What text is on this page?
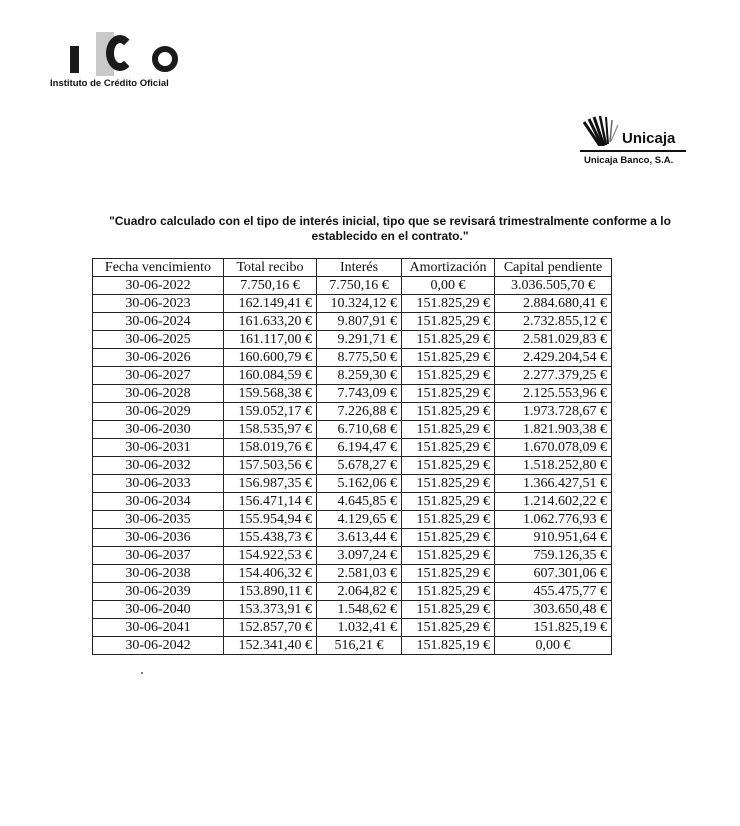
Instituto de Crédito Oficial
Unicaja
Unicaja Banco, S.A.
"Cuadro calculado con el tipo de interés inicial, tipo que se revisará trimestralmente conforme a lo establecido en el contrato."
Fecha vencimiento	Total recibo	Interés	Amortización	Capital pendiente
30-06-2022	7.750,16 €	7.750,16 €	0,00 €	3.036.505,70 €
30-06-2023	162.149,41 €	10.324,12 €	151.825,29 €	2.884.680,41 €
30-06-2024	161.633,20 €	9.807,91 €	151.825,29 €	2.732.855,12 €
30-06-2025	161.117,00 €	9.291,71 €	151.825,29 €	2.581.029,83 €
30-06-2026	160.600,79 €	8.775,50 €	151.825,29 €	2.429.204,54 €
30-06-2027	160.084,59 €	8.259,30 €	151.825,29 €	2.277.379,25 €
30-06-2028	159.568,38 €	7.743,09 €	151.825,29 €	2.125.553,96 €
30-06-2029	159.052,17 €	7.226,88 €	151.825,29 €	1.973.728,67 €
30-06-2030	158.535,97 €	6.710,68 €	151.825,29 €	1.821.903,38 €
30-06-2031	158.019,76 €	6.194,47 €	151.825,29 €	1.670.078,09 €
30-06-2032	157.503,56 €	5.678,27 €	151.825,29 €	1.518.252,80 €
30-06-2033	156.987,35 €	5.162,06 €	151.825,29 €	1.366.427,51 €
30-06-2034	156.471,14 €	4.645,85 €	151.825,29 €	1.214.602,22 €
30-06-2035	155.954,94 €	4.129,65 €	151.825,29 €	1.062.776,93 €
30-06-2036	155.438,73 €	3.613,44 €	151.825,29 €	910.951,64 €
30-06-2037	154.922,53 €	3.097,24 €	151.825,29 €	759.126,35 €
30-06-2038	154.406,32 €	2.581,03 €	151.825,29 €	607.301,06 €
30-06-2039	153.890,11 €	2.064,82 €	151.825,29 €	455.475,77 €
30-06-2040	153.373,91 €	1.548,62 €	151.825,29 €	303.650,48 €
30-06-2041	152.857,70 €	1.032,41 €	151.825,29 €	151.825,19 €
30-06-2042	152.341,40 €	516,21 €	151.825,19 €	0,00 €
